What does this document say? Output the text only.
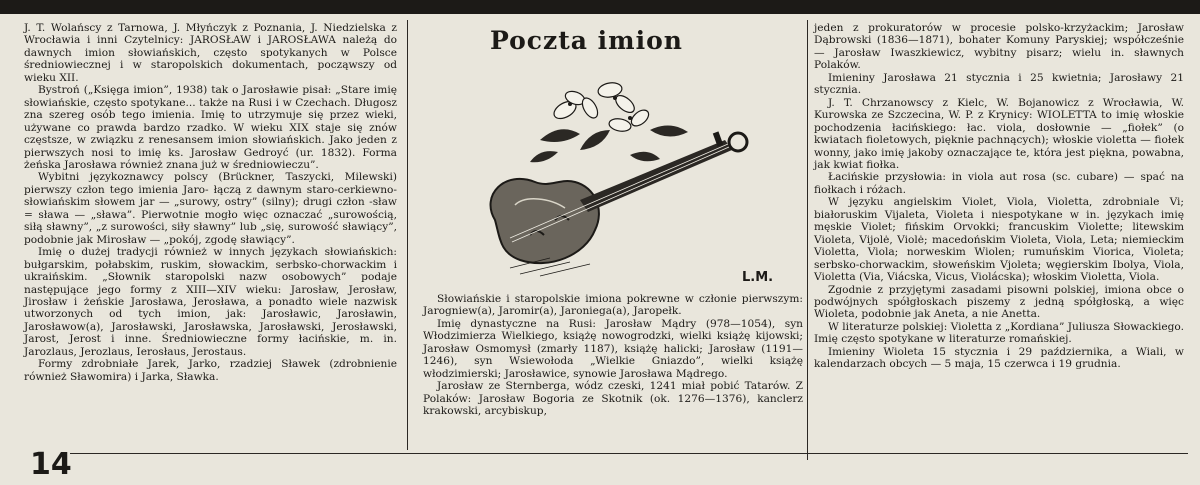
J. T. Wolańscy z Tarnowa, J. Młyńczyk z Poznania, J. Niedzielska z Wrocławia i inni Czytelnicy: JAROSŁAW i JAROSŁAWA należą do dawnych imion słowiańskich, często spotykanych w Polsce średniowiecznej i w staropolskich dokumentach, począwszy od wieku XII.

Bystroń („Księga imion”, 1938) tak o Jarosławie pisał: „Stare imię słowiańskie, często spotykane... także na Rusi i w Czechach. Długosz zna szereg osób tego imienia. Imię to utrzymuje się przez wieki, używane co prawda bardzo rzadko. W wieku XIX staje się znów częstsze, w związku z renesansem imion słowiańskich. Jako jeden z pierwszych nosi to imię ks. Jarosław Gedroyć (ur. 1832). Forma żeńska Jarosława również znana już w średniowieczu”.

Wybitni językoznawcy polscy (Brückner, Taszycki, Milewski) pierwszy człon tego imienia Jaro- łączą z dawnym staro-cerkiewno-słowiańskim słowem jar — „surowy, ostry” (silny); drugi człon -sław = sława — „sława”. Pierwotnie mogło więc oznaczać „surowością, siłą sławny”, „z surowości, siły sławny” lub „się, surowość sławiący”, podobnie jak Mirosław — „pokój, zgodę sławiący”.

Imię o dużej tradycji również w innych językach słowiańskich: bułgarskim, połabskim, ruskim, słowackim, serbsko-chorwackim i ukraińskim. „Słownik staropolski nazw osobowych” podaje następujące jego formy z XIII—XIV wieku: Jarosław, Jerosław, Jirosław i żeńskie Jarosława, Jerosława, a ponadto wiele nazwisk utworzonych od tych imion, jak: Jarosławic, Jarosławin, Jarosławow(a), Jarosławski, Jarosławska, Jarosławski, Jerosławski, Jarost, Jerost i inne. Średniowieczne formy łacińskie, m. in. Jarozlaus, Jerozlaus, Ierosłaus, Jerostaus.

Formy zdrobniałe Jarek, Jarko, rzadziej Sławek (zdrobnienie również Sławomira) i Jarka, Sławka.

Poczta imion
L.M.

Słowiańskie i staropolskie imiona pokrewne w członie pierwszym: Jarogniew(a), Jaromir(a), Jaroniega(a), Jaropełk.

Imię dynastyczne na Rusi: Jarosław Mądry (978—1054), syn Włodzimierza Wielkiego, książę nowogrodzki, wielki książę kijowski; Jarosław Osmomysł (zmarły 1187), książę halicki; Jarosław (1191—1246), syn Wsiewołoda „Wielkie Gniazdo”, wielki książę włodzimierski; Jarosławice, synowie Jarosława Mądrego.

Jarosław ze Sternberga, wódz czeski, 1241 miał pobić Tatarów. Z Polaków: Jarosław Bogoria ze Skotnik (ok. 1276—1376), kanclerz krakowski, arcybiskup,

jeden z prokuratorów w procesie polsko-krzyżackim; Jarosław Dąbrowski (1836—1871), bohater Komuny Paryskiej; współcześnie — Jarosław Iwaszkiewicz, wybitny pisarz; wielu in. sławnych Polaków.

Imieniny Jarosława 21 stycznia i 25 kwietnia; Jarosławy 21 stycznia.

J. T. Chrzanowscy z Kielc, W. Bojanowicz z Wrocławia, W. Kurowska ze Szczecina, W. P. z Krynicy: WIOLETTA to imię włoskie pochodzenia łacińskiego: łac. viola, dosłownie — „fiołek” (o kwiatach fioletowych, pięknie pachnących); włoskie violetta — fiołek wonny, jako imię jakoby oznaczające te, która jest piękna, powabna, jak kwiat fiołka.

Łacińskie przysłowia: in viola aut rosa (sc. cubare) — spać na fiołkach i różach.

W języku angielskim Violet, Viola, Violetta, zdrobniale Vi; białoruskim Vijaleta, Violeta i niespotykane w in. językach imię męskie Violet; fińskim Orvokki; francuskim Violette; litewskim Violeta, Vijolė, Violė; macedońskim Violeta, Viola, Leta; niemieckim Violetta, Viola; norweskim Wiolen; rumuńskim Viorica, Violeta; serbsko-chorwackim, słoweńskim Vjoleta; węgierskim Ibolya, Viola, Violetta (Via, Viácska, Vicus, Violácska); włoskim Violetta, Viola.

Zgodnie z przyjętymi zasadami pisowni polskiej, imiona obce o podwójnych spółgłoskach piszemy z jedną spółgłoską, a więc Wioleta, podobnie jak Aneta, a nie Anetta.

W literaturze polskiej: Violetta z „Kordiana” Juliusza Słowackiego. Imię często spotykane w literaturze romańskiej.

Imieniny Wioleta 15 stycznia i 29 października, a Wiali, w kalendarzach obcych — 5 maja, 15 czerwca i 19 grudnia.

14
